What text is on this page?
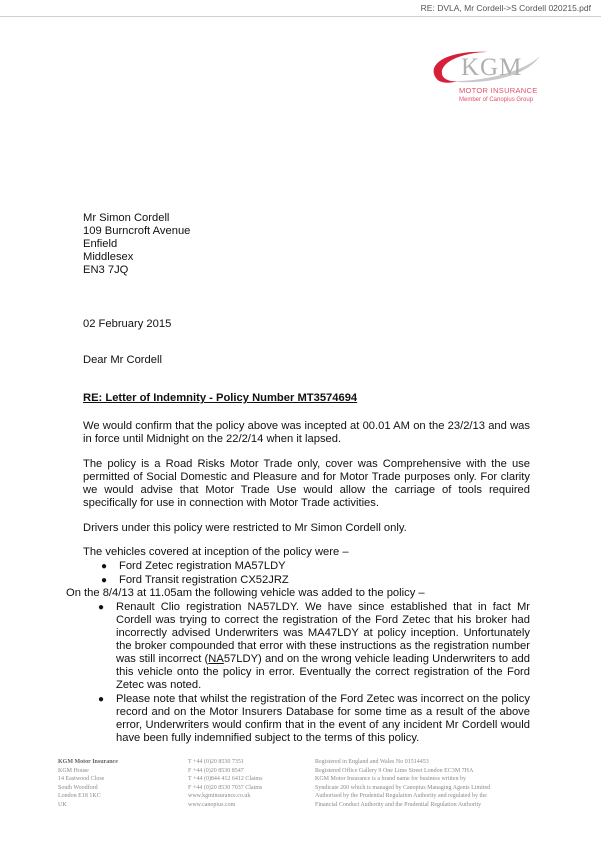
RE: DVLA, Mr Cordell->S Cordell 020215.pdf
KGM
MOTOR INSURANCE
Member of Canopius Group
Mr Simon Cordell
109 Burncroft Avenue
Enfield
Middlesex
EN3 7JQ
02 February 2015
Dear Mr Cordell
RE: Letter of Indemnity - Policy Number MT3574694
We would confirm that the policy above was incepted at 00.01 AM on the 23/2/13 and was in force until Midnight on the 22/2/14 when it lapsed.
The policy is a Road Risks Motor Trade only, cover was Comprehensive with the use permitted of Social Domestic and Pleasure and for Motor Trade purposes only. For clarity we would advise that Motor Trade Use would allow the carriage of tools required specifically for use in connection with Motor Trade activities.
Drivers under this policy were restricted to Mr Simon Cordell only.
The vehicles covered at inception of the policy were –
● Ford Zetec registration MA57LDY
● Ford Transit registration CX52JRZ
On the 8/4/13 at 11.05am the following vehicle was added to the policy –
● Renault Clio registration NA57LDY. We have since established that in fact Mr Cordell was trying to correct the registration of the Ford Zetec that his broker had incorrectly advised Underwriters was MA47LDY at policy inception. Unfortunately the broker compounded that error with these instructions as the registration number was still incorrect (NA57LDY) and on the wrong vehicle leading Underwriters to add this vehicle onto the policy in error. Eventually the correct registration of the Ford Zetec was noted.
● Please note that whilst the registration of the Ford Zetec was incorrect on the policy record and on the Motor Insurers Database for some time as a result of the above error, Underwriters would confirm that in the event of any incident Mr Cordell would have been fully indemnified subject to the terms of this policy.
KGM Motor Insurance
KGM House
14 Eastwood Close
South Woodford
London E18 1KC
UK
T +44 (0)20 8530 7351
F +44 (0)20 8530 8547
T +44 (0)844 412 6412 Claims
F +44 (0)20 8530 7037 Claims
www.kgminsurance.co.uk
www.canopius.com
Registered in England and Wales No 01514453
Registered Office Gallery 9 One Lime Street London EC3M 7HA
KGM Motor Insurance is a brand name for business written by
Syndicate 260 which is managed by Canopius Managing Agents Limited
Authorised by the Prudential Regulation Authority and regulated by the
Financial Conduct Authority and the Prudential Regulation Authority
